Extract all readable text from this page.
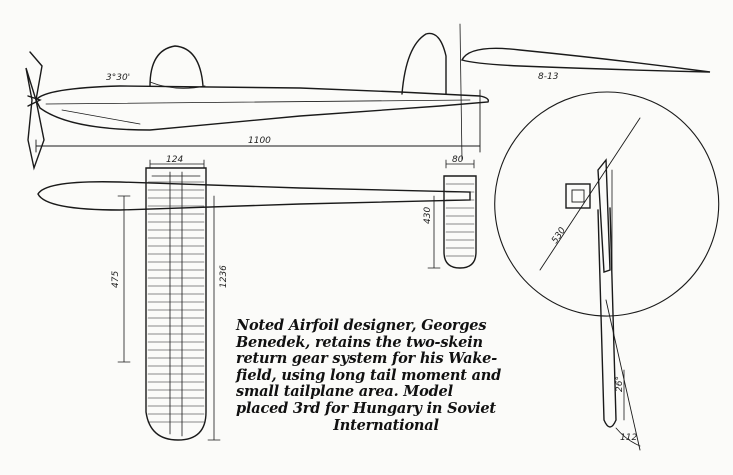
3°30'
1100
124
475	1236
80
430
8-13
530
26°
112
Noted Airfoil designer, Georges
Benedek, retains the two-skein
return gear system for his Wake-
field, using long tail moment and
small tailplane area. Model
placed 3rd for Hungary in Soviet
International
